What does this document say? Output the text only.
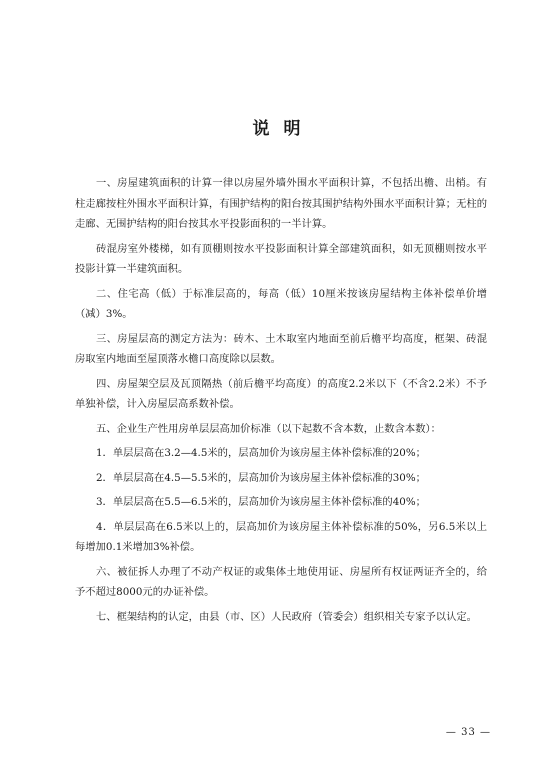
说明

一、房屋建筑面积的计算一律以房屋外墙外围水平面积计算，不包括出檐、出梢。有柱走廊按柱外围水平面积计算，有围护结构的阳台按其围护结构外围水平面积计算；无柱的走廊、无围护结构的阳台按其水平投影面积的一半计算。

砖混房室外楼梯，如有顶棚则按水平投影面积计算全部建筑面积，如无顶棚则按水平投影计算一半建筑面积。

二、住宅高（低）于标准层高的，每高（低）10厘米按该房屋结构主体补偿单价增（减）3%。

三、房屋层高的测定方法为：砖木、土木取室内地面至前后檐平均高度，框架、砖混房取室内地面至屋顶落水檐口高度除以层数。

四、房屋架空层及瓦顶隔热（前后檐平均高度）的高度2.2米以下（不含2.2米）不予单独补偿，计入房屋层高系数补偿。

五、企业生产性用房单层层高加价标准（以下起数不含本数，止数含本数）：

1．单层层高在3.2—4.5米的，层高加价为该房屋主体补偿标准的20%；

2．单层层高在4.5—5.5米的，层高加价为该房屋主体补偿标准的30%；

3．单层层高在5.5—6.5米的，层高加价为该房屋主体补偿标准的40%；

4．单层层高在6.5米以上的，层高加价为该房屋主体补偿标准的50%，另6.5米以上每增加0.1米增加3%补偿。

六、被征拆人办理了不动产权证的或集体土地使用证、房屋所有权证两证齐全的，给予不超过8000元的办证补偿。

七、框架结构的认定，由县（市、区）人民政府（管委会）组织相关专家予以认定。

— 33 —
